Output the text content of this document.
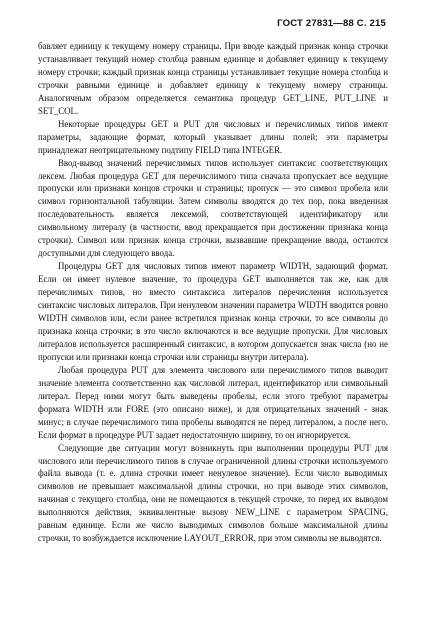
ГОСТ 27831—88 С. 215

бавляет единицу к текущему номеру страницы. При вводе каждый признак конца строчки устанавливает текущий номер столбца равным единице и добавляет единицу к текущему номеру строчки; каждый признак конца страницы устанавливает текущие номера столбца и строчки равными единице и добавляет единицу к текущему номеру страницы. Аналогичным образом определяется семантика процедур GET_LINE, PUT_LINE и SET_COL.

Некоторые процедуры GET и PUT для числовых и перечислимых типов имеют параметры, задающие формат, который указывает длины полей; эти параметры принадлежат неотрицательному подтипу FIELD типа INTEGER.

Ввод-вывод значений перечислимых типов использует синтаксис соответствующих лексем. Любая процедура GET для перечислимого типа сначала пропускает все ведущие пропуски или признаки концов строчки и страницы; пропуск — это символ пробела или символ горизонтальной табуляции. Затем символы вводятся до тех пор, пока введенная последовательность является лексемой, соответствующей идентификатору или символьному литералу (в частности, ввод прекращается при достижении признака конца строчки). Символ или признак конца строчки, вызвавшие прекращение ввода, остаются доступными для следующего ввода.

Процедуры GET для числовых типов имеют параметр WIDTH, задающий формат. Если он имеет нулевое значение, то процедура GET выполняется так же, как для перечислимых типов, но вместо синтаксиса литералов перечисления используется синтаксис числовых литералов. При ненулевом значении параметра WIDTH вводится ровно WIDTH символов или, если ранее встретился признак конца строчки, то все символы до признака конца строчки; в это число включаются и все ведущие пропуски. Для числовых литералов используется расширенный синтаксис, в котором допускается знак числа (но не пропуски или признаки конца строчки или страницы внутри литерала).

Любая процедура PUT для элемента числового или перечислимого типов выводит значение элемента соответственно как числовой литерал, идентификатор или символьный литерал. Перед ними могут быть выведены пробелы, если этого требуют параметры формата WIDTH или FORE (это описано ниже), и для отрицательных значений - знак минус; в случае перечислимого типа пробелы выводятся не перед литералом, а после него. Если формат в процедуре PUT задает недостаточную ширину, то он игнорируется.

Следующие две ситуации могут возникнуть при выполнении процедуры PUT для числового или перечислимого типов в случае ограниченной длины строчки используемого файла вывода (т. е. длина строчки имеет ненулевое значение). Если число выводимых символов не превышает максимальной длины строчки, но при выводе этих символов, начиная с текущего столбца, они не помещаются в текущей строчке, то перед их выводом выполняются действия, эквивалентные вызову NEW_LINE с параметром SPACING, равным единице. Если же число выводимых символов больше максимальной длины строчки, то возбуждается исключение LAYOUT_ERROR, при этом символы не выводятся.
